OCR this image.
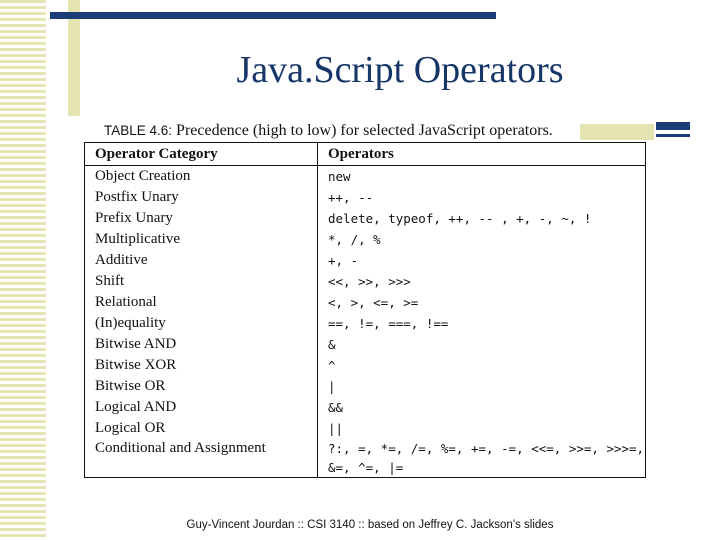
Java.Script Operators
TABLE 4.6: Precedence (high to low) for selected JavaScript operators.
Operator Category	Operators
Object Creation	new
Postfix Unary	++, --
Prefix Unary	delete, typeof, ++, -- , +, -, ~, !
Multiplicative	*, /, %
Additive	+, -
Shift	<<, >>, >>>
Relational	<, >, <=, >=
(In)equality	==, !=, ===, !==
Bitwise AND	&
Bitwise XOR	^
Bitwise OR	|
Logical AND	&&
Logical OR	||
Conditional and Assignment	?:, =, *=, /=, %=, +=, -=, <<=, >>=, >>>=, &=, ^=, |=
Guy-Vincent Jourdan :: CSI 3140 :: based on Jeffrey C. Jackson’s slides
